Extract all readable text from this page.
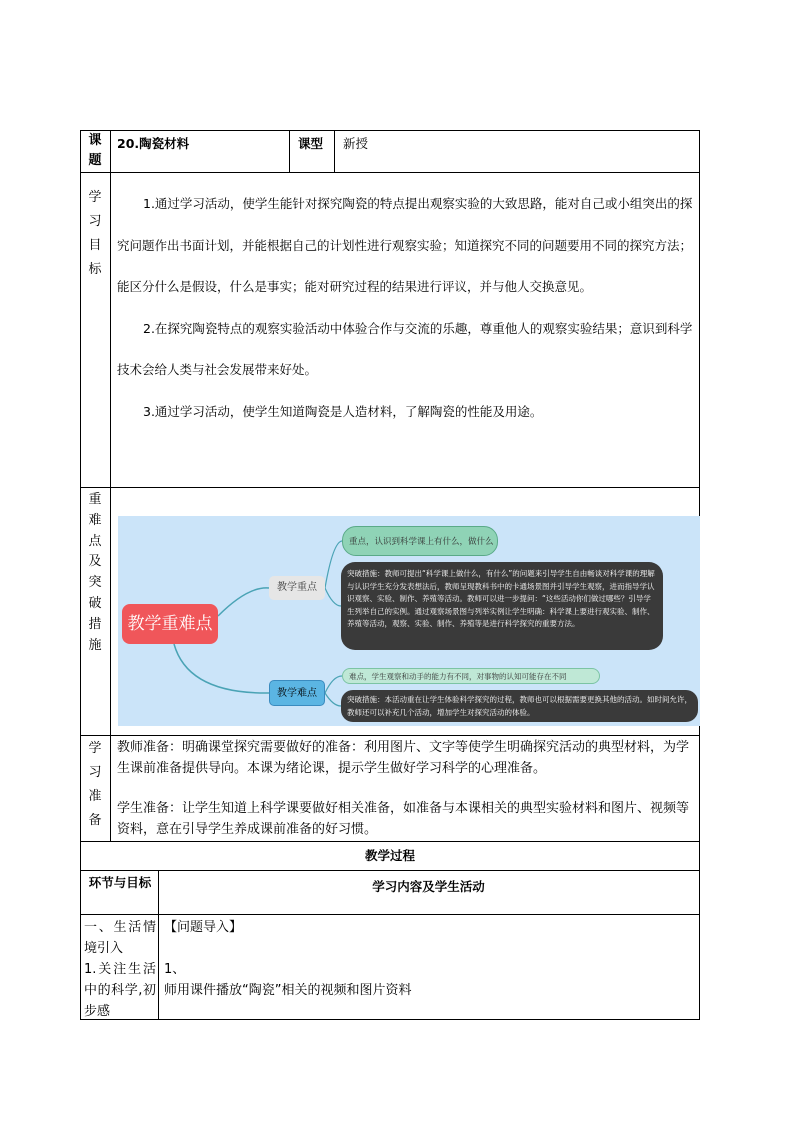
课
题
20.陶瓷材料	课型 新授
学
习
目
标

1.通过学习活动，使学生能针对探究陶瓷的特点提出观察实验的大致思路，能对自己或小组突出的探究问题作出书面计划，并能根据自己的计划性进行观察实验；知道探究不同的问题要用不同的探究方法；能区分什么是假设，什么是事实；能对研究过程的结果进行评议，并与他人交换意见。

2.在探究陶瓷特点的观察实验活动中体验合作与交流的乐趣，尊重他人的观察实验结果；意识到科学技术会给人类与社会发展带来好处。

3.通过学习活动，使学生知道陶瓷是人造材料，了解陶瓷的性能及用途。

重
难
点
及
突
破
措
施
教学重难点
教学重点
教学难点
重点，认识到科学课上有什么，做什么
突破措施：教师可提出“科学课上做什么，有什么”的问题来引导学生自由畅谈对科学课的理解与认识学生充分发表想法后，教师呈现教科书中的卡通场景图并引导学生观察，进而指导学认识观察、实验、制作、养殖等活动。教师可以进一步提问：“这些活动你们做过哪些？引导学生列举自己的实例。通过观察场景图与列举实例让学生明确：科学课上要进行观实验、制作、养殖等活动，观察、实验、制作、养殖等是进行科学探究的重要方法。
难点，学生观察和动手的能力有不同，对事物的认知可能存在不同
突破措施：本活动重在让学生体验科学探究的过程，教师也可以根据需要更换其他的活动。如时间允许，教师还可以补充几个活动，增加学生对探究活动的体验。
学
习
准
备

教师准备：明确课堂探究需要做好的准备：利用图片、文字等使学生明确探究活动的典型材料，为学生课前准备提供导向。本课为绪论课，提示学生做好学习科学的心理准备。

学生准备：让学生知道上科学课要做好相关准备，如准备与本课相关的典型实验材料和图片、视频等资料，意在引导学生养成课前准备的好习惯。

教学过程
环节与目标	学习内容及学生活动
一、生活情境引入
1.关注生活中的科学,初步感
【问题导入】
1、
师用课件播放“陶瓷”相关的视频和图片资料
